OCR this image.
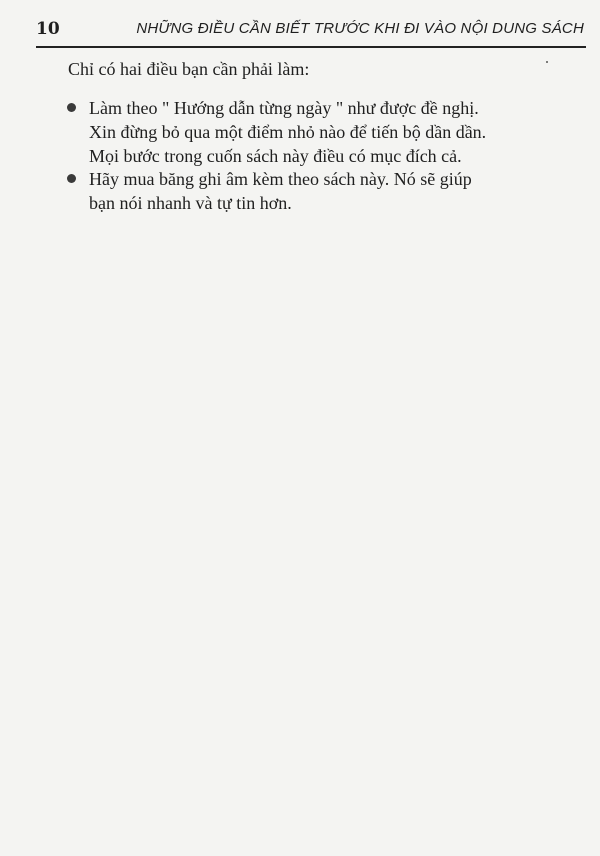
10	NHỮNG ĐIỀU CẦN BIẾT TRƯỚC KHI ĐI VÀO NỘI DUNG SÁCH
Chỉ có hai điều bạn cần phải làm:
Làm theo " Hướng dẫn từng ngày " như được đề nghị.
Xin đừng bỏ qua một điểm nhỏ nào để tiến bộ dần dần.
Mọi bước trong cuốn sách này điều có mục đích cả.
Hãy mua băng ghi âm kèm theo sách này. Nó sẽ giúp
bạn nói nhanh và tự tin hơn.
